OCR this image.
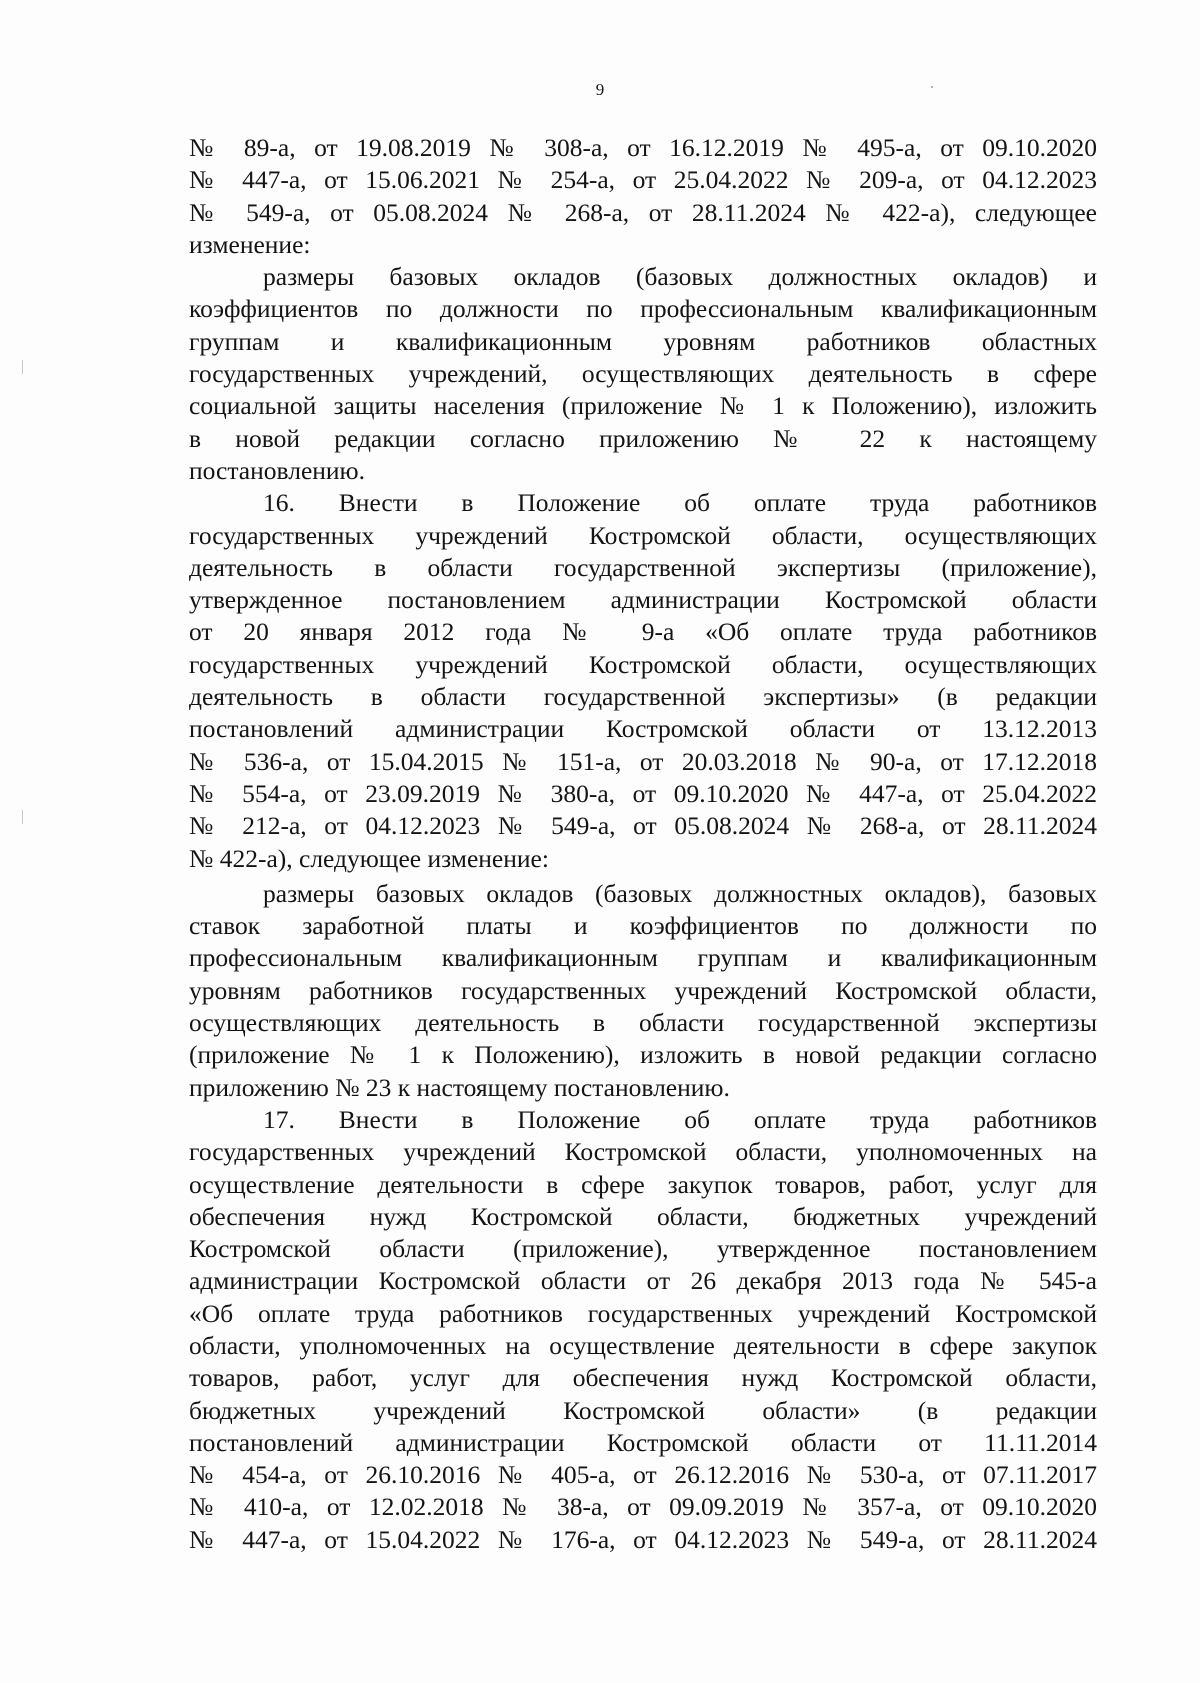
9
№ 89-а, от 19.08.2019 № 308-а, от 16.12.2019 № 495-а, от 09.10.2020
№ 447-а, от 15.06.2021 № 254-а, от 25.04.2022 № 209-а, от 04.12.2023
№ 549-а, от 05.08.2024 № 268-а, от 28.11.2024 № 422-а), следующее
изменение:
размеры базовых окладов (базовых должностных окладов) и
коэффициентов по должности по профессиональным квалификационным
группам и квалификационным уровням работников областных
государственных учреждений, осуществляющих деятельность в сфере
социальной защиты населения (приложение № 1 к Положению), изложить
в новой редакции согласно приложению № 22 к настоящему
постановлению.
16. Внести в Положение об оплате труда работников
государственных учреждений Костромской области, осуществляющих
деятельность в области государственной экспертизы (приложение),
утвержденное постановлением администрации Костромской области
от 20 января 2012 года № 9-а «Об оплате труда работников
государственных учреждений Костромской области, осуществляющих
деятельность в области государственной экспертизы» (в редакции
постановлений администрации Костромской области от 13.12.2013
№ 536-а, от 15.04.2015 № 151-а, от 20.03.2018 № 90-а, от 17.12.2018
№ 554-а, от 23.09.2019 № 380-а, от 09.10.2020 № 447-а, от 25.04.2022
№ 212-а, от 04.12.2023 № 549-а, от 05.08.2024 № 268-а, от 28.11.2024
№ 422-а), следующее изменение:
размеры базовых окладов (базовых должностных окладов), базовых
ставок заработной платы и коэффициентов по должности по
профессиональным квалификационным группам и квалификационным
уровням работников государственных учреждений Костромской области,
осуществляющих деятельность в области государственной экспертизы
(приложение № 1 к Положению), изложить в новой редакции согласно
приложению № 23 к настоящему постановлению.
17. Внести в Положение об оплате труда работников
государственных учреждений Костромской области, уполномоченных на
осуществление деятельности в сфере закупок товаров, работ, услуг для
обеспечения нужд Костромской области, бюджетных учреждений
Костромской области (приложение), утвержденное постановлением
администрации Костромской области от 26 декабря 2013 года № 545-а
«Об оплате труда работников государственных учреждений Костромской
области, уполномоченных на осуществление деятельности в сфере закупок
товаров, работ, услуг для обеспечения нужд Костромской области,
бюджетных учреждений Костромской области» (в редакции
постановлений администрации Костромской области от 11.11.2014
№ 454-а, от 26.10.2016 № 405-а, от 26.12.2016 № 530-а, от 07.11.2017
№ 410-а, от 12.02.2018 № 38-а, от 09.09.2019 № 357-а, от 09.10.2020
№ 447-а, от 15.04.2022 № 176-а, от 04.12.2023 № 549-а, от 28.11.2024
